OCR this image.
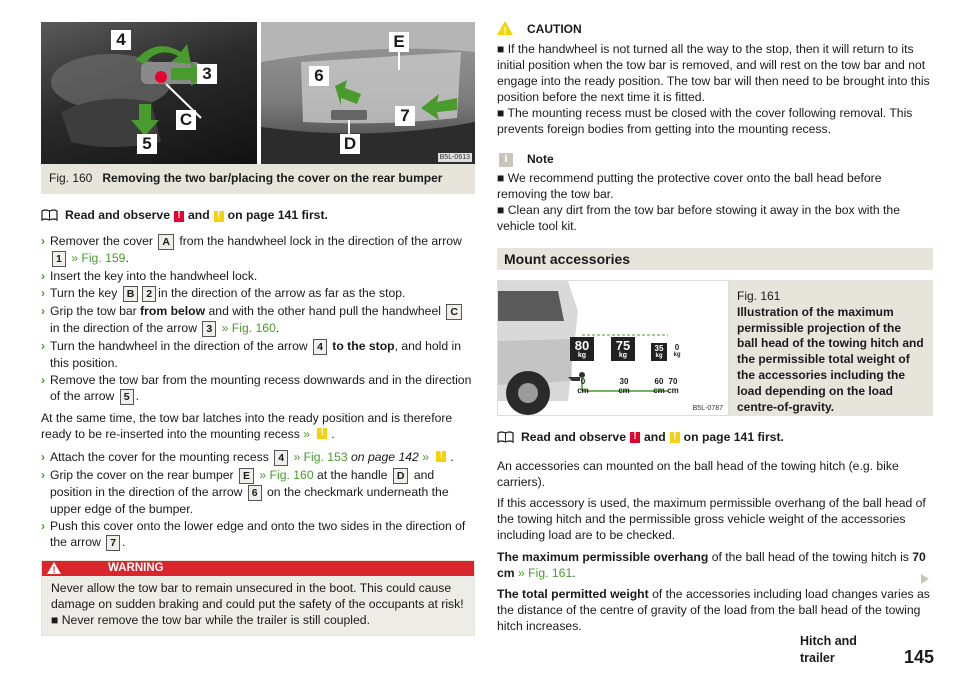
4
3
C
5
E
6
7
D
B5L-0613
Fig. 160 Removing the two bar/placing the cover on the rear bumper
Read and observe ! and ! on page 141 first.
› Remover the cover A from the handwheel lock in the direction of the arrow 1 » Fig. 159.
› Insert the key into the handwheel lock.
› Turn the key B 2 in the direction of the arrow as far as the stop.
› Grip the tow bar from below and with the other hand pull the handwheel C in the direction of the arrow 3 » Fig. 160.
› Turn the handwheel in the direction of the arrow 4 to the stop, and hold in this position.
› Remove the tow bar from the mounting recess downwards and in the direction of the arrow 5 .
At the same time, the tow bar latches into the ready position and is therefore ready to be re-inserted into the mounting recess » ! .
› Attach the cover for the mounting recess 4 » Fig. 153 on page 142 » ! .
› Grip the cover on the rear bumper E » Fig. 160 at the handle D and position in the direction of the arrow 6 on the checkmark underneath the upper edge of the bumper.
› Push this cover onto the lower edge and onto the two sides in the direction of the arrow 7 .
!	WARNING
Never allow the tow bar to remain unsecured in the boot. This could cause damage on sudden braking and could put the safety of the occupants at risk!
■ Never remove the tow bar while the trailer is still coupled.
! CAUTION
■ If the handwheel is not turned all the way to the stop, then it will return to its initial position when the tow bar is removed, and will rest on the tow bar and not engage into the ready position. The tow bar will then need to be brought into this position before the next time it is fitted.
■ The mounting recess must be closed with the cover following removal. This prevents foreign bodies from getting into the mounting recess.
i	Note
■ We recommend putting the protective cover onto the ball head before removing the tow bar.
■ Clean any dirt from the tow bar before stowing it away in the box with the vehicle tool kit.
Mount accessories
80
kg
75
kg
35
kg
0
kg
0
cm
30
cm
60
cm
70
cm
B5L-0787
Fig. 161
Illustration of the maximum permissible projection of the ball head of the towing hitch and the permissible total weight of the accessories including the load depending on the load centre-of-gravity.
Read and observe ! and ! on page 141 first.
An accessories can mounted on the ball head of the towing hitch (e.g. bike carriers).
If this accessory is used, the maximum permissible overhang of the ball head of the towing hitch and the permissible gross vehicle weight of the accessories including load are to be checked.
The maximum permissible overhang of the ball head of the towing hitch is 70 cm » Fig. 161.
The total permitted weight of the accessories including load changes varies as the distance of the centre of gravity of the load from the ball head of the towing hitch increases.
Hitch and trailer	145
